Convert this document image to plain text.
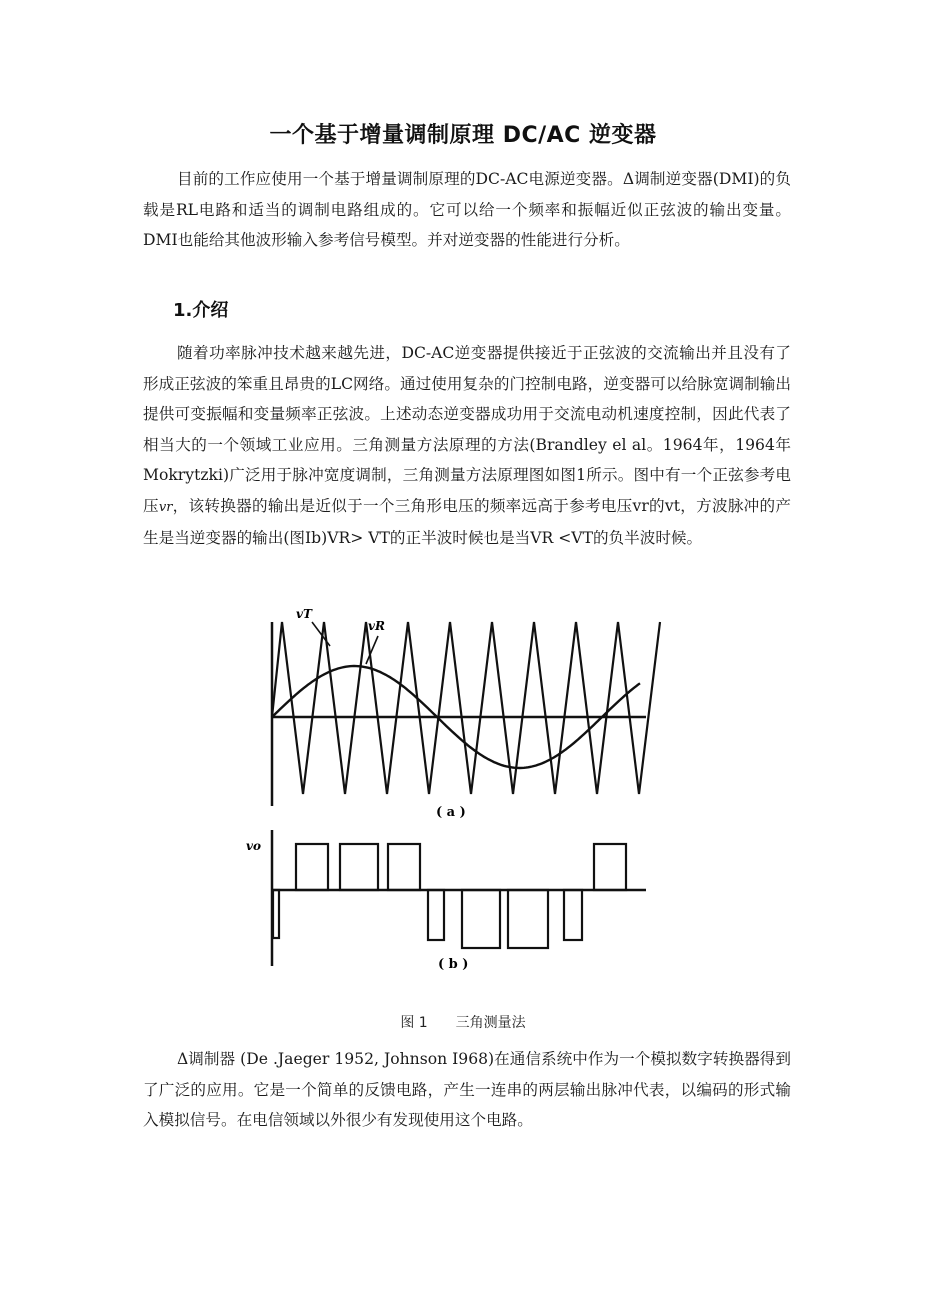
一个基于增量调制原理 DC/AC 逆变器

目前的工作应使用一个基于增量调制原理的DC-AC电源逆变器。Δ调制逆变器(DMI)的负载是RL电路和适当的调制电路组成的。它可以给一个频率和振幅近似正弦波的输出变量。DMI也能给其他波形输入参考信号模型。并对逆变器的性能进行分析。

1.介绍

随着功率脉冲技术越来越先进，DC-AC逆变器提供接近于正弦波的交流输出并且没有了形成正弦波的笨重且昂贵的LC网络。通过使用复杂的门控制电路，逆变器可以给脉宽调制输出提供可变振幅和变量频率正弦波。上述动态逆变器成功用于交流电动机速度控制，因此代表了相当大的一个领域工业应用。三角测量方法原理的方法(Brandley el al。1964年，1964年Mokrytzki)广泛用于脉冲宽度调制，三角测量方法原理图如图1所示。图中有一个正弦参考电压vr，该转换器的输出是近似于一个三角形电压的频率远高于参考电压vr的vt，方波脉冲的产生是当逆变器的输出(图Ib)VR> VT的正半波时候也是当VR <VT的负半波时候。

vT
vR
( a )
vo
( b )
图 1 三角测量法

Δ调制器 (De .Jaeger 1952, Johnson I968)在通信系统中作为一个模拟数字转换器得到了广泛的应用。它是一个简单的反馈电路，产生一连串的两层输出脉冲代表，以编码的形式输入模拟信号。在电信领域以外很少有发现使用这个电路。
